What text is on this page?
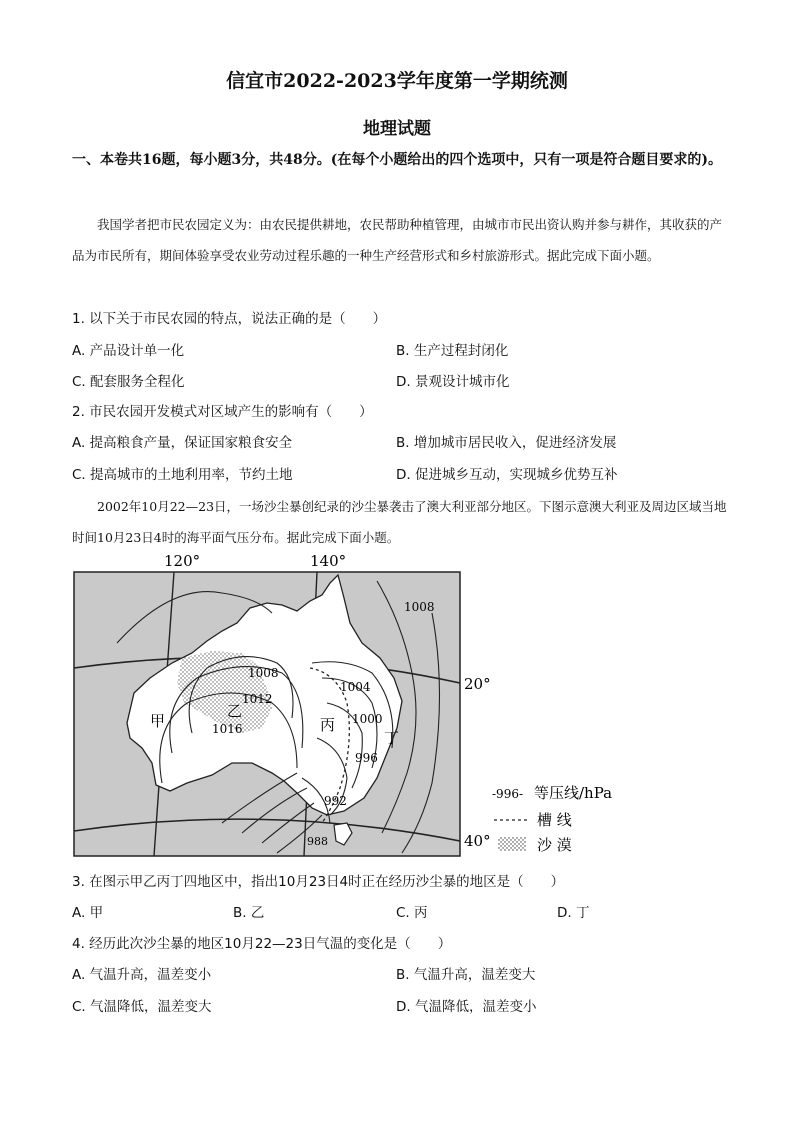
信宜市2022-2023学年度第一学期统测
地理试题
一、本卷共16题，每小题3分，共48分。(在每个小题给出的四个选项中，只有一项是符合题目要求的)。
我国学者把市民农园定义为：由农民提供耕地，农民帮助种植管理，由城市市民出资认购并参与耕作，其收获的产品为市民所有，期间体验享受农业劳动过程乐趣的一种生产经营形式和乡村旅游形式。据此完成下面小题。
1. 以下关于市民农园的特点，说法正确的是（　　）
A. 产品设计单一化	B. 生产过程封闭化
C. 配套服务全程化	D. 景观设计城市化
2. 市民农园开发模式对区域产生的影响有（　　）
A. 提高粮食产量，保证国家粮食安全	B. 增加城市居民收入，促进经济发展
C. 提高城市的土地利用率，节约土地	D. 促进城乡互动，实现城乡优势互补
2002年10月22—23日，一场沙尘暴创纪录的沙尘暴袭击了澳大利亚部分地区。下图示意澳大利亚及周边区域当地时间10月23日4时的海平面气压分布。据此完成下面小题。
120°	140°
20°
40°
1008
1008
1012
1016
1004
1000
996
992
988
甲
乙
丙
丁
-996- 等压线/hPa
槽 线
沙 漠
3. 在图示甲乙丙丁四地区中，指出10月23日4时正在经历沙尘暴的地区是（　　）
A. 甲	B. 乙	C. 丙	D. 丁
4. 经历此次沙尘暴的地区10月22—23日气温的变化是（　　）
A. 气温升高，温差变小	B. 气温升高，温差变大
C. 气温降低，温差变大	D. 气温降低，温差变小
